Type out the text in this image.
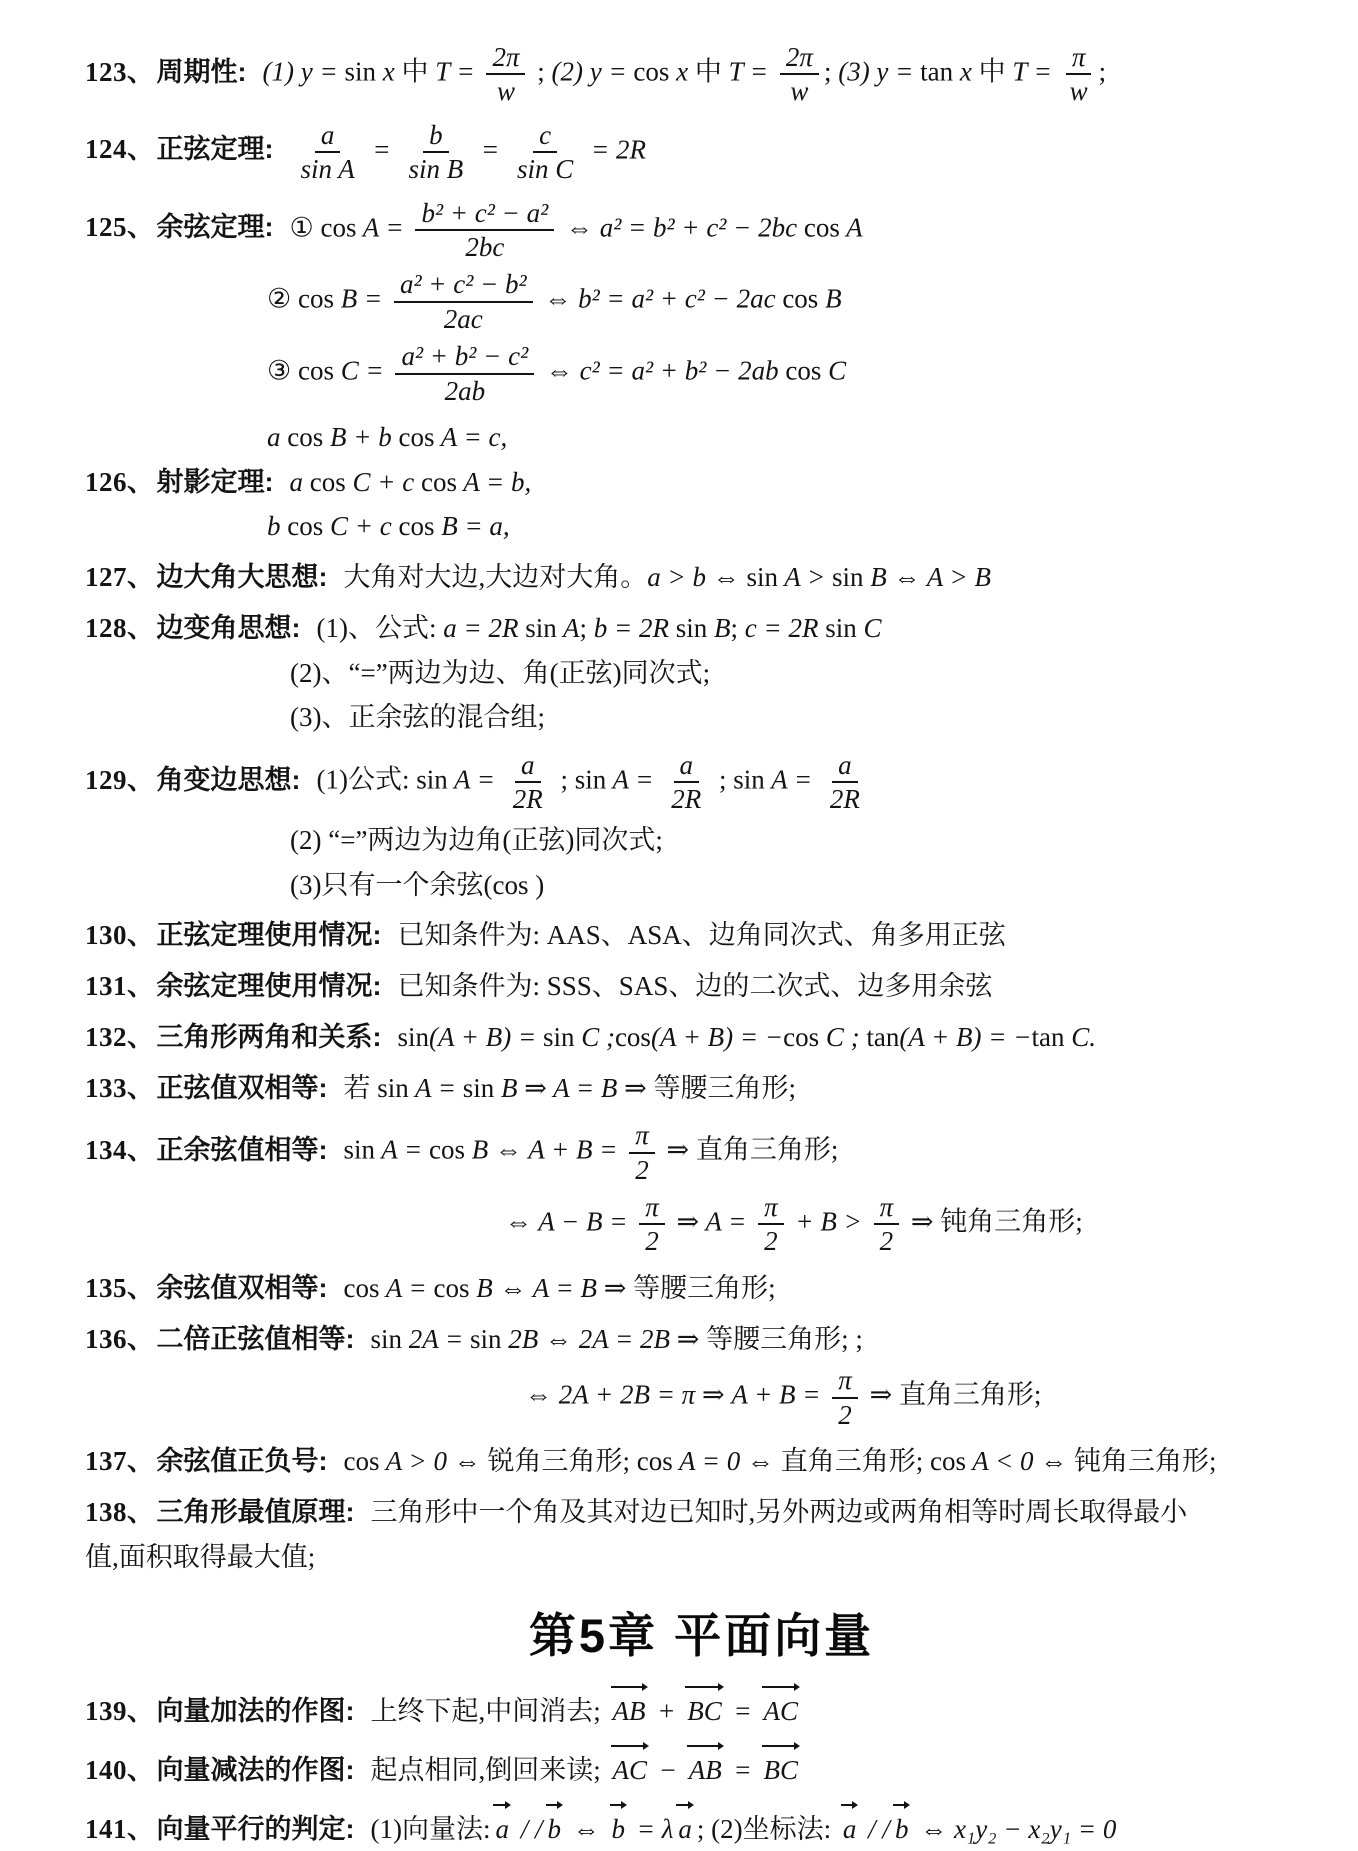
123、周期性: (1) y = sin x 中 $T = \frac{2\pi}{w}$ ; (2) y = cos x 中 $T = \frac{2\pi}{w}$ ; (3) y = tan x 中 $T = \frac{\pi}{w}$ ;
124、正弦定理: $\frac{a}{\text{sin A}} = \frac{b}{\text{sin B}} = \frac{c}{\text{sin C}} = 2R$
125、余弦定理: ① $\cos A = \frac{\text{b² + c² − a²}}{2bc}$ ⇔ a² = b² + c² − 2bc cos A
② $\cos B = \frac{\text{a² + c² − b²}}{2ac}$ ⇔ b² = a² + c² − 2ac cos B
③ $\cos C = \frac{\text{a² + b² − c²}}{2ab}$ ⇔ c² = a² + b² − 2ab cos C
a cos B + b cos A = c,
126、射影定理: a cos C + c cos A = b,
b cos C + c cos B = a,
127、边大角大思想: 大角对大边,大边对大角。a > b ⇔ sin A > sin B ⇔ A > B
128、边变角思想: (1)、公式: a = 2R sin A; b = 2R sin B; c = 2R sin C
(2)、“=”两边为边、角(正弦)同次式;
(3)、正余弦的混合组;
129、角变边思想: (1)公式: $\sin A = \frac{a}{2R}$ ; $\sin A = \frac{a}{2R}$ ; $\sin A = \frac{a}{2R}$
(2) “=”两边为边角(正弦)同次式;
(3)只有一个余弦(cos )
130、正弦定理使用情况: 已知条件为: AAS、ASA、边角同次式、角多用正弦
131、余弦定理使用情况: 已知条件为: SSS、SAS、边的二次式、边多用余弦
132、三角形两角和关系: sin(A + B) = sin C ;cos(A + B) = −cos C ; tan(A + B) = −tan C.
133、正弦值双相等: 若 sin A = sin B ⇒ A = B ⇒ 等腰三角形;
134、正余弦值相等: sin A = cos B ⇔ $A + B = \frac{\pi}{2}$ ⇒ 直角三角形;
⇔ $A - B = \frac{\pi}{2}$ ⇒ $A = \frac{\pi}{2} + B > \frac{\pi}{2}$ ⇒ 钝角三角形;
135、余弦值双相等: cos A = cos B ⇔ A = B ⇒ 等腰三角形;
136、二倍正弦值相等: sin 2A = sin 2B ⇔ 2A = 2B ⇒ 等腰三角形; ;
⇔ 2A + 2B = π ⇒ $A + B = \frac{\pi}{2}$ ⇒ 直角三角形;
137、余弦值正负号: cos A > 0 ⇔ 锐角三角形; cos A = 0 ⇔ 直角三角形; cos A < 0 ⇔ 钝角三角形;
138、三角形最值原理: 三角形中一个角及其对边已知时,另外两边或两角相等时周长取得最小
值,面积取得最大值;
第5章 平面向量
139、向量加法的作图: 上终下起,中间消去; AB + BC = AC
140、向量减法的作图: 起点相同,倒回来读; AC − AB = BC
141、向量平行的判定: (1)向量法: a / / b ⇔ b = λ a ; (2)坐标法: a / / b ⇔ x₁y₂ − x₂y₁ = 0
